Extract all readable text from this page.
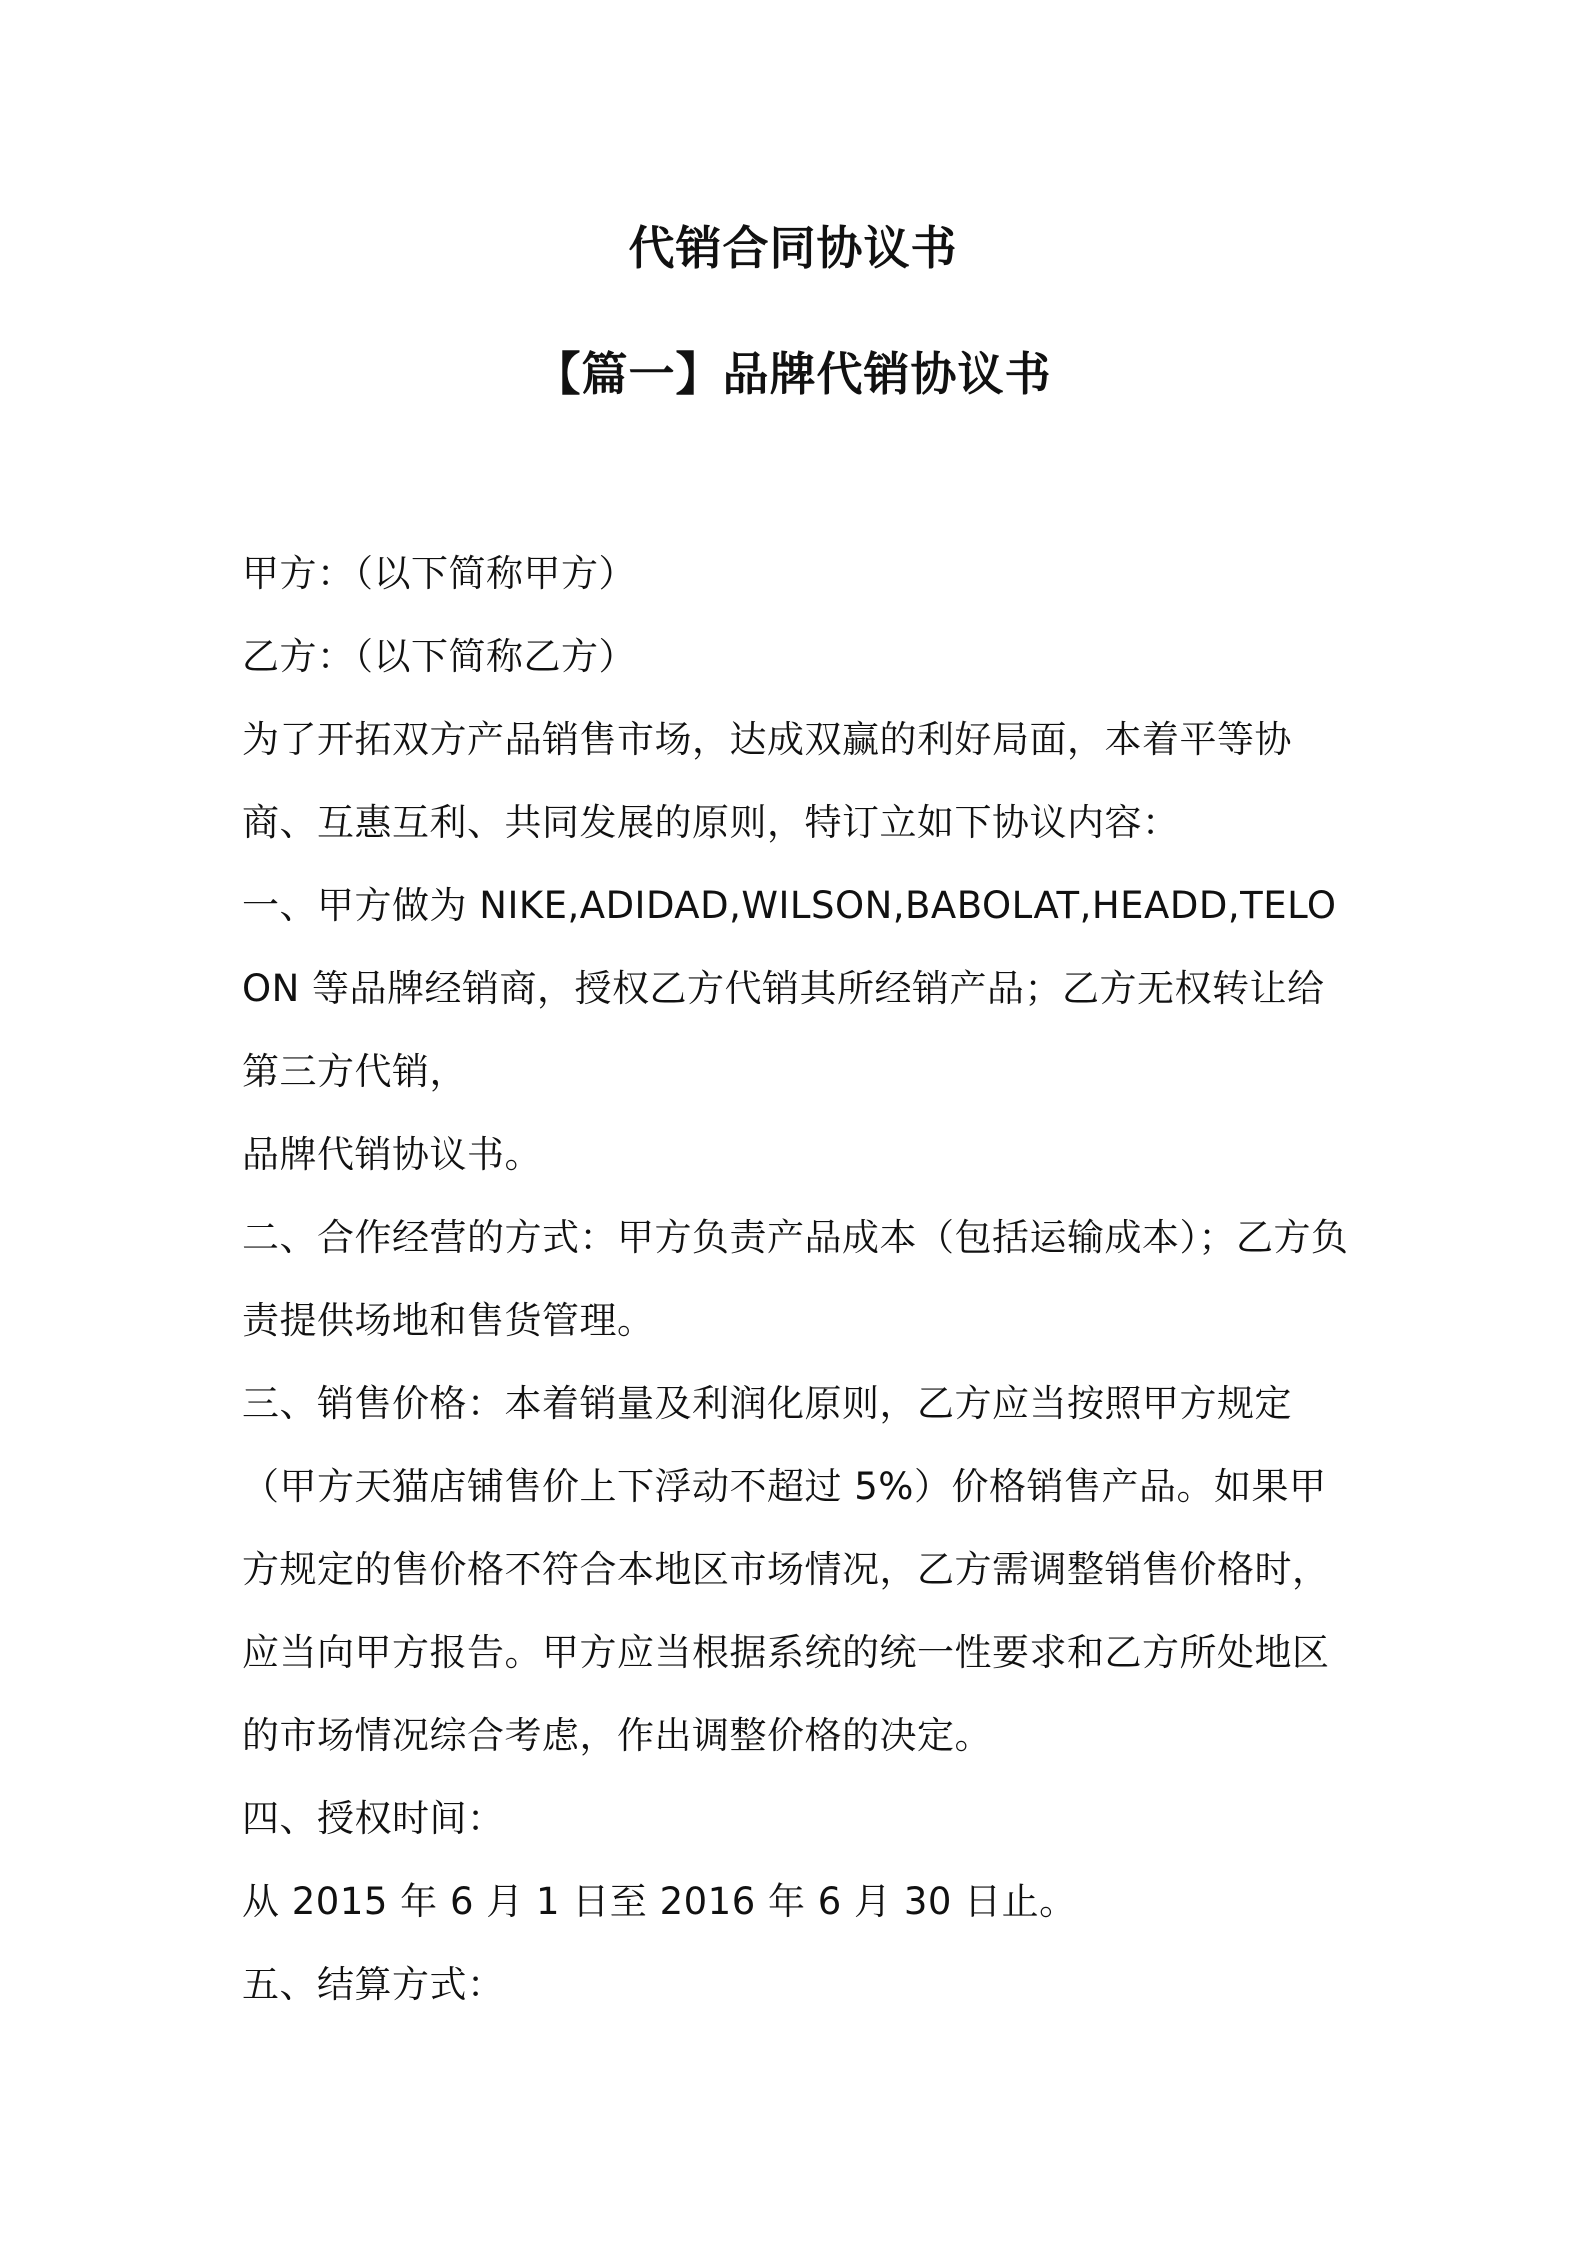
代销合同协议书
【篇一】品牌代销协议书

甲方：（以下简称甲方）

乙方：（以下简称乙方）

为了开拓双方产品销售市场，达成双赢的利好局面，本着平等协商、互惠互利、共同发展的原则，特订立如下协议内容：

一、甲方做为 NIKE,ADIDAD,WILSON,BABOLAT,HEADD,TELOON 等品牌经销商，授权乙方代销其所经销产品；乙方无权转让给第三方代销，

品牌代销协议书。

二、合作经营的方式：甲方负责产品成本（包括运输成本）；乙方负责提供场地和售货管理。

三、销售价格：本着销量及利润化原则，乙方应当按照甲方规定（甲方天猫店铺售价上下浮动不超过 5%）价格销售产品。如果甲方规定的售价格不符合本地区市场情况，乙方需调整销售价格时，应当向甲方报告。甲方应当根据系统的统一性要求和乙方所处地区的市场情况综合考虑，作出调整价格的决定。

四、授权时间：

从 2015 年 6 月 1 日至 2016 年 6 月 30 日止。

五、结算方式：
